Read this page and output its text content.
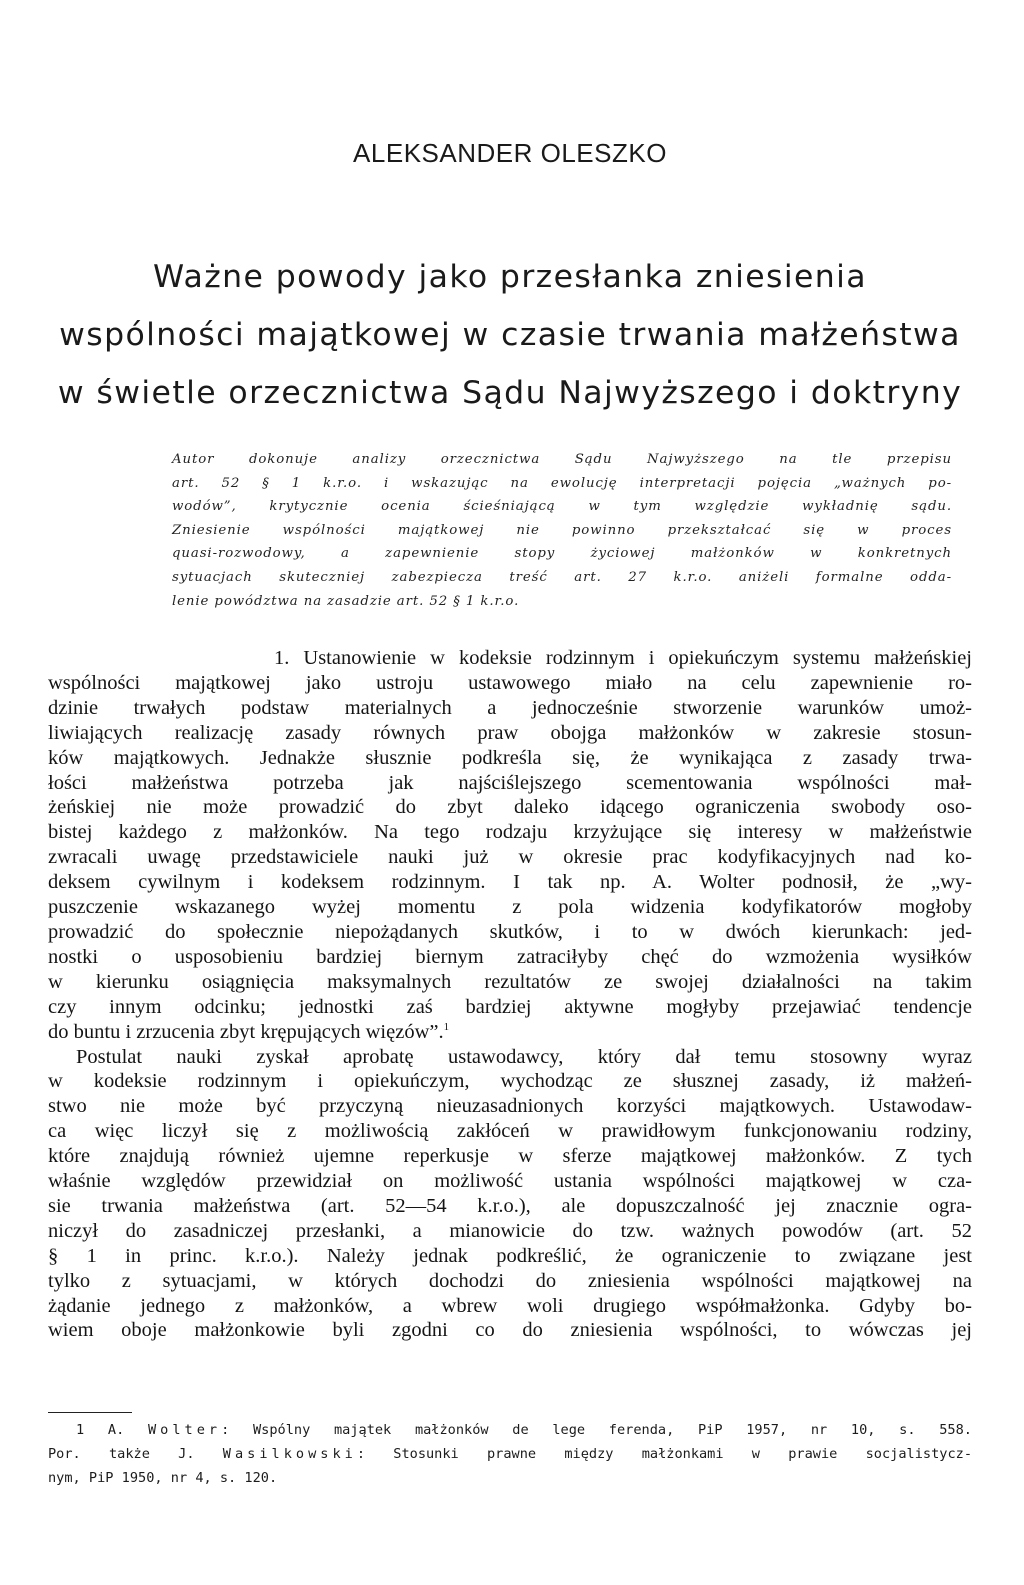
ALEKSANDER OLESZKO
Ważne powody jako przesłanka zniesienia
wspólności majątkowej w czasie trwania małżeństwa
w świetle orzecznictwa Sądu Najwyższego i doktryny
Autor dokonuje analizy orzecznictwa Sądu Najwyższego na tle przepisu
art. 52 § 1 k.r.o. i wskazując na ewolucję interpretacji pojęcia „ważnych po-
wodów”, krytycznie ocenia ścieśniającą w tym względzie wykładnię sądu.
Zniesienie wspólności majątkowej nie powinno przekształcać się w proces
quasi-rozwodowy, a zapewnienie stopy życiowej małżonków w konkretnych
sytuacjach skuteczniej zabezpiecza treść art. 27 k.r.o. aniżeli formalne odda-
lenie powództwa na zasadzie art. 52 § 1 k.r.o.
1. Ustanowienie w kodeksie rodzinnym i opiekuńczym systemu małżeńskiej
wspólności majątkowej jako ustroju ustawowego miało na celu zapewnienie ro-
dzinie trwałych podstaw materialnych a jednocześnie stworzenie warunków umoż-
liwiających realizację zasady równych praw obojga małżonków w zakresie stosun-
ków majątkowych. Jednakże słusznie podkreśla się, że wynikająca z zasady trwa-
łości małżeństwa potrzeba jak najściślejszego scementowania wspólności mał-
żeńskiej nie może prowadzić do zbyt daleko idącego ograniczenia swobody oso-
bistej każdego z małżonków. Na tego rodzaju krzyżujące się interesy w małżeństwie
zwracali uwagę przedstawiciele nauki już w okresie prac kodyfikacyjnych nad ko-
deksem cywilnym i kodeksem rodzinnym. I tak np. A. Wolter podnosił, że „wy-
puszczenie wskazanego wyżej momentu z pola widzenia kodyfikatorów mogłoby
prowadzić do społecznie niepożądanych skutków, i to w dwóch kierunkach: jed-
nostki o usposobieniu bardziej biernym zatraciłyby chęć do wzmożenia wysiłków
w kierunku osiągnięcia maksymalnych rezultatów ze swojej działalności na takim
czy innym odcinku; jednostki zaś bardziej aktywne mogłyby przejawiać tendencje
do buntu i zrzucenia zbyt krępujących więzów”.$^1$
Postulat nauki zyskał aprobatę ustawodawcy, który dał temu stosowny wyraz
w kodeksie rodzinnym i opiekuńczym, wychodząc ze słusznej zasady, iż małżeń-
stwo nie może być przyczyną nieuzasadnionych korzyści majątkowych. Ustawodaw-
ca więc liczył się z możliwością zakłóceń w prawidłowym funkcjonowaniu rodziny,
które znajdują również ujemne reperkusje w sferze majątkowej małżonków. Z tych
właśnie względów przewidział on możliwość ustania wspólności majątkowej w cza-
sie trwania małżeństwa (art. 52—54 k.r.o.), ale dopuszczalność jej znacznie ogra-
niczył do zasadniczej przesłanki, a mianowicie do tzw. ważnych powodów (art. 52
§ 1 in princ. k.r.o.). Należy jednak podkreślić, że ograniczenie to związane jest
tylko z sytuacjami, w których dochodzi do zniesienia wspólności majątkowej na
żądanie jednego z małżonków, a wbrew woli drugiego współmałżonka. Gdyby bo-
wiem oboje małżonkowie byli zgodni co do zniesienia wspólności, to wówczas jej
1 A. Wolter: Wspólny majątek małżonków de lege ferenda, PiP 1957, nr 10, s. 558.
Por. także J. Wasilkowski: Stosunki prawne między małżonkami w prawie socjalistycz-
nym, PiP 1950, nr 4, s. 120.
